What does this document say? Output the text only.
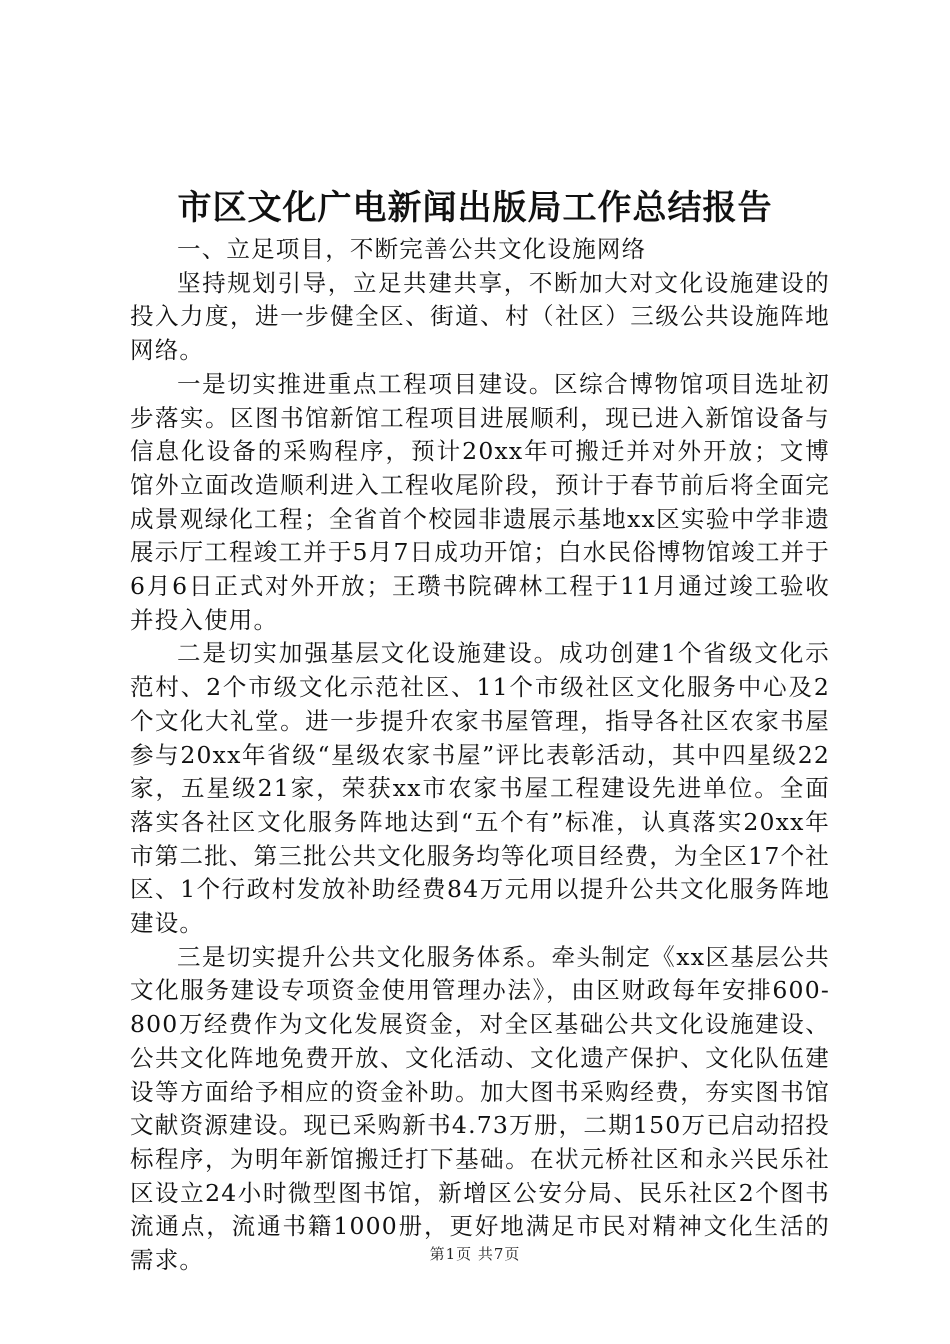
市区文化广电新闻出版局工作总结报告

一、立足项目，不断完善公共文化设施网络

坚持规划引导，立足共建共享，不断加大对文化设施建设的投入力度，进一步健全区、街道、村（社区）三级公共设施阵地网络。

一是切实推进重点工程项目建设。区综合博物馆项目选址初步落实。区图书馆新馆工程项目进展顺利，现已进入新馆设备与信息化设备的采购程序，预计20xx年可搬迁并对外开放；文博馆外立面改造顺利进入工程收尾阶段，预计于春节前后将全面完成景观绿化工程；全省首个校园非遗展示基地xx区实验中学非遗展示厅工程竣工并于5月7日成功开馆；白水民俗博物馆竣工并于6月6日正式对外开放；王瓒书院碑林工程于11月通过竣工验收并投入使用。

二是切实加强基层文化设施建设。成功创建1个省级文化示范村、2个市级文化示范社区、11个市级社区文化服务中心及2个文化大礼堂。进一步提升农家书屋管理，指导各社区农家书屋参与20xx年省级“星级农家书屋”评比表彰活动，其中四星级22家，五星级21家，荣获xx市农家书屋工程建设先进单位。全面落实各社区文化服务阵地达到“五个有”标准，认真落实20xx年市第二批、第三批公共文化服务均等化项目经费，为全区17个社区、1个行政村发放补助经费84万元用以提升公共文化服务阵地建设。

三是切实提升公共文化服务体系。牵头制定《xx区基层公共文化服务建设专项资金使用管理办法》，由区财政每年安排600-800万经费作为文化发展资金，对全区基础公共文化设施建设、公共文化阵地免费开放、文化活动、文化遗产保护、文化队伍建设等方面给予相应的资金补助。加大图书采购经费，夯实图书馆文献资源建设。现已采购新书4.73万册，二期150万已启动招投标程序，为明年新馆搬迁打下基础。在状元桥社区和永兴民乐社区设立24小时微型图书馆，新增区公安分局、民乐社区2个图书流通点，流通书籍1000册，更好地满足市民对精神文化生活的需求。	第1页 共7页
